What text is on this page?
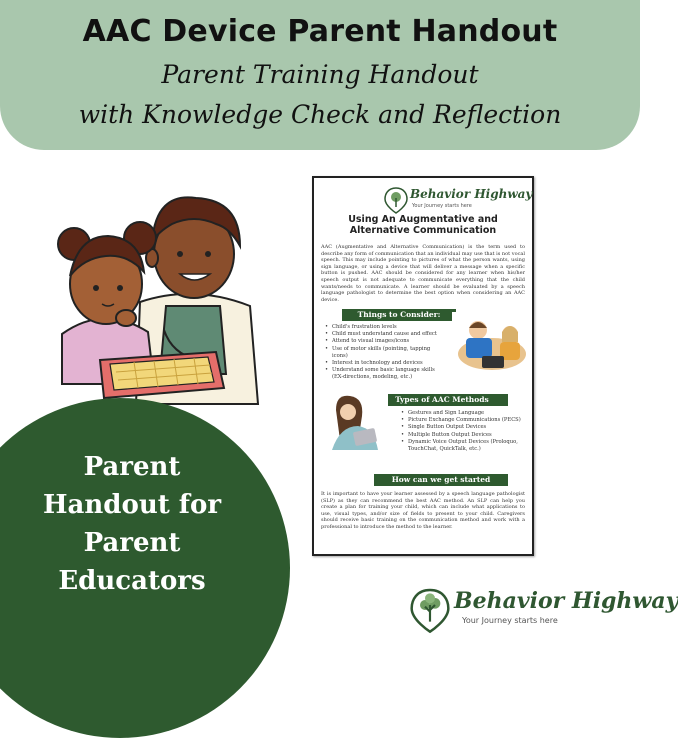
AAC Device Parent Handout
Parent Training Handout
with Knowledge Check and Reflection
Parent
Handout for
Parent
Educators
Behavior Highway
Your Journey starts here
Using An Augmentative and Alternative Communication
AAC (Augmentative and Alternative Communication) is the term used to describe any form of communication that an individual may use that is not vocal speech. This may include pointing to pictures of what the person wants, using sign language, or using a device that will deliver a message when a specific button is pushed. AAC should be considered for any learner when his/her speech output is not adequate to communicate everything that the child wants/needs to communicate. A learner should be evaluated by a speech language pathologist to determine the best option when considering an AAC device.
Things to Consider:
• Child's frustration levels
• Child must understand cause and effect
• Attend to visual images/icons
• Use of motor skills (pointing, tapping icons)
• Interest in technology and devices
• Understand some basic language skills (EX-directions, modeling, etc.)
Types of AAC Methods
• Gestures and Sign Language
• Picture Exchange Communications (PECS)
• Single Button Output Devices
• Multiple Button Output Devices
• Dynamic Voice Output Devices (Proloquo, TouchChat, QuickTalk, etc.)
How can we get started
It is important to have your learner assessed by a speech language pathologist (SLP) as they can recommend the best AAC method. An SLP can help you create a plan for training your child, which can include what applications to use, visual types, and/or size of fields to present to your child. Caregivers should receive basic training on the communication method and work with a professional to introduce the method to the learner.
Behavior Highway
Your Journey starts here
